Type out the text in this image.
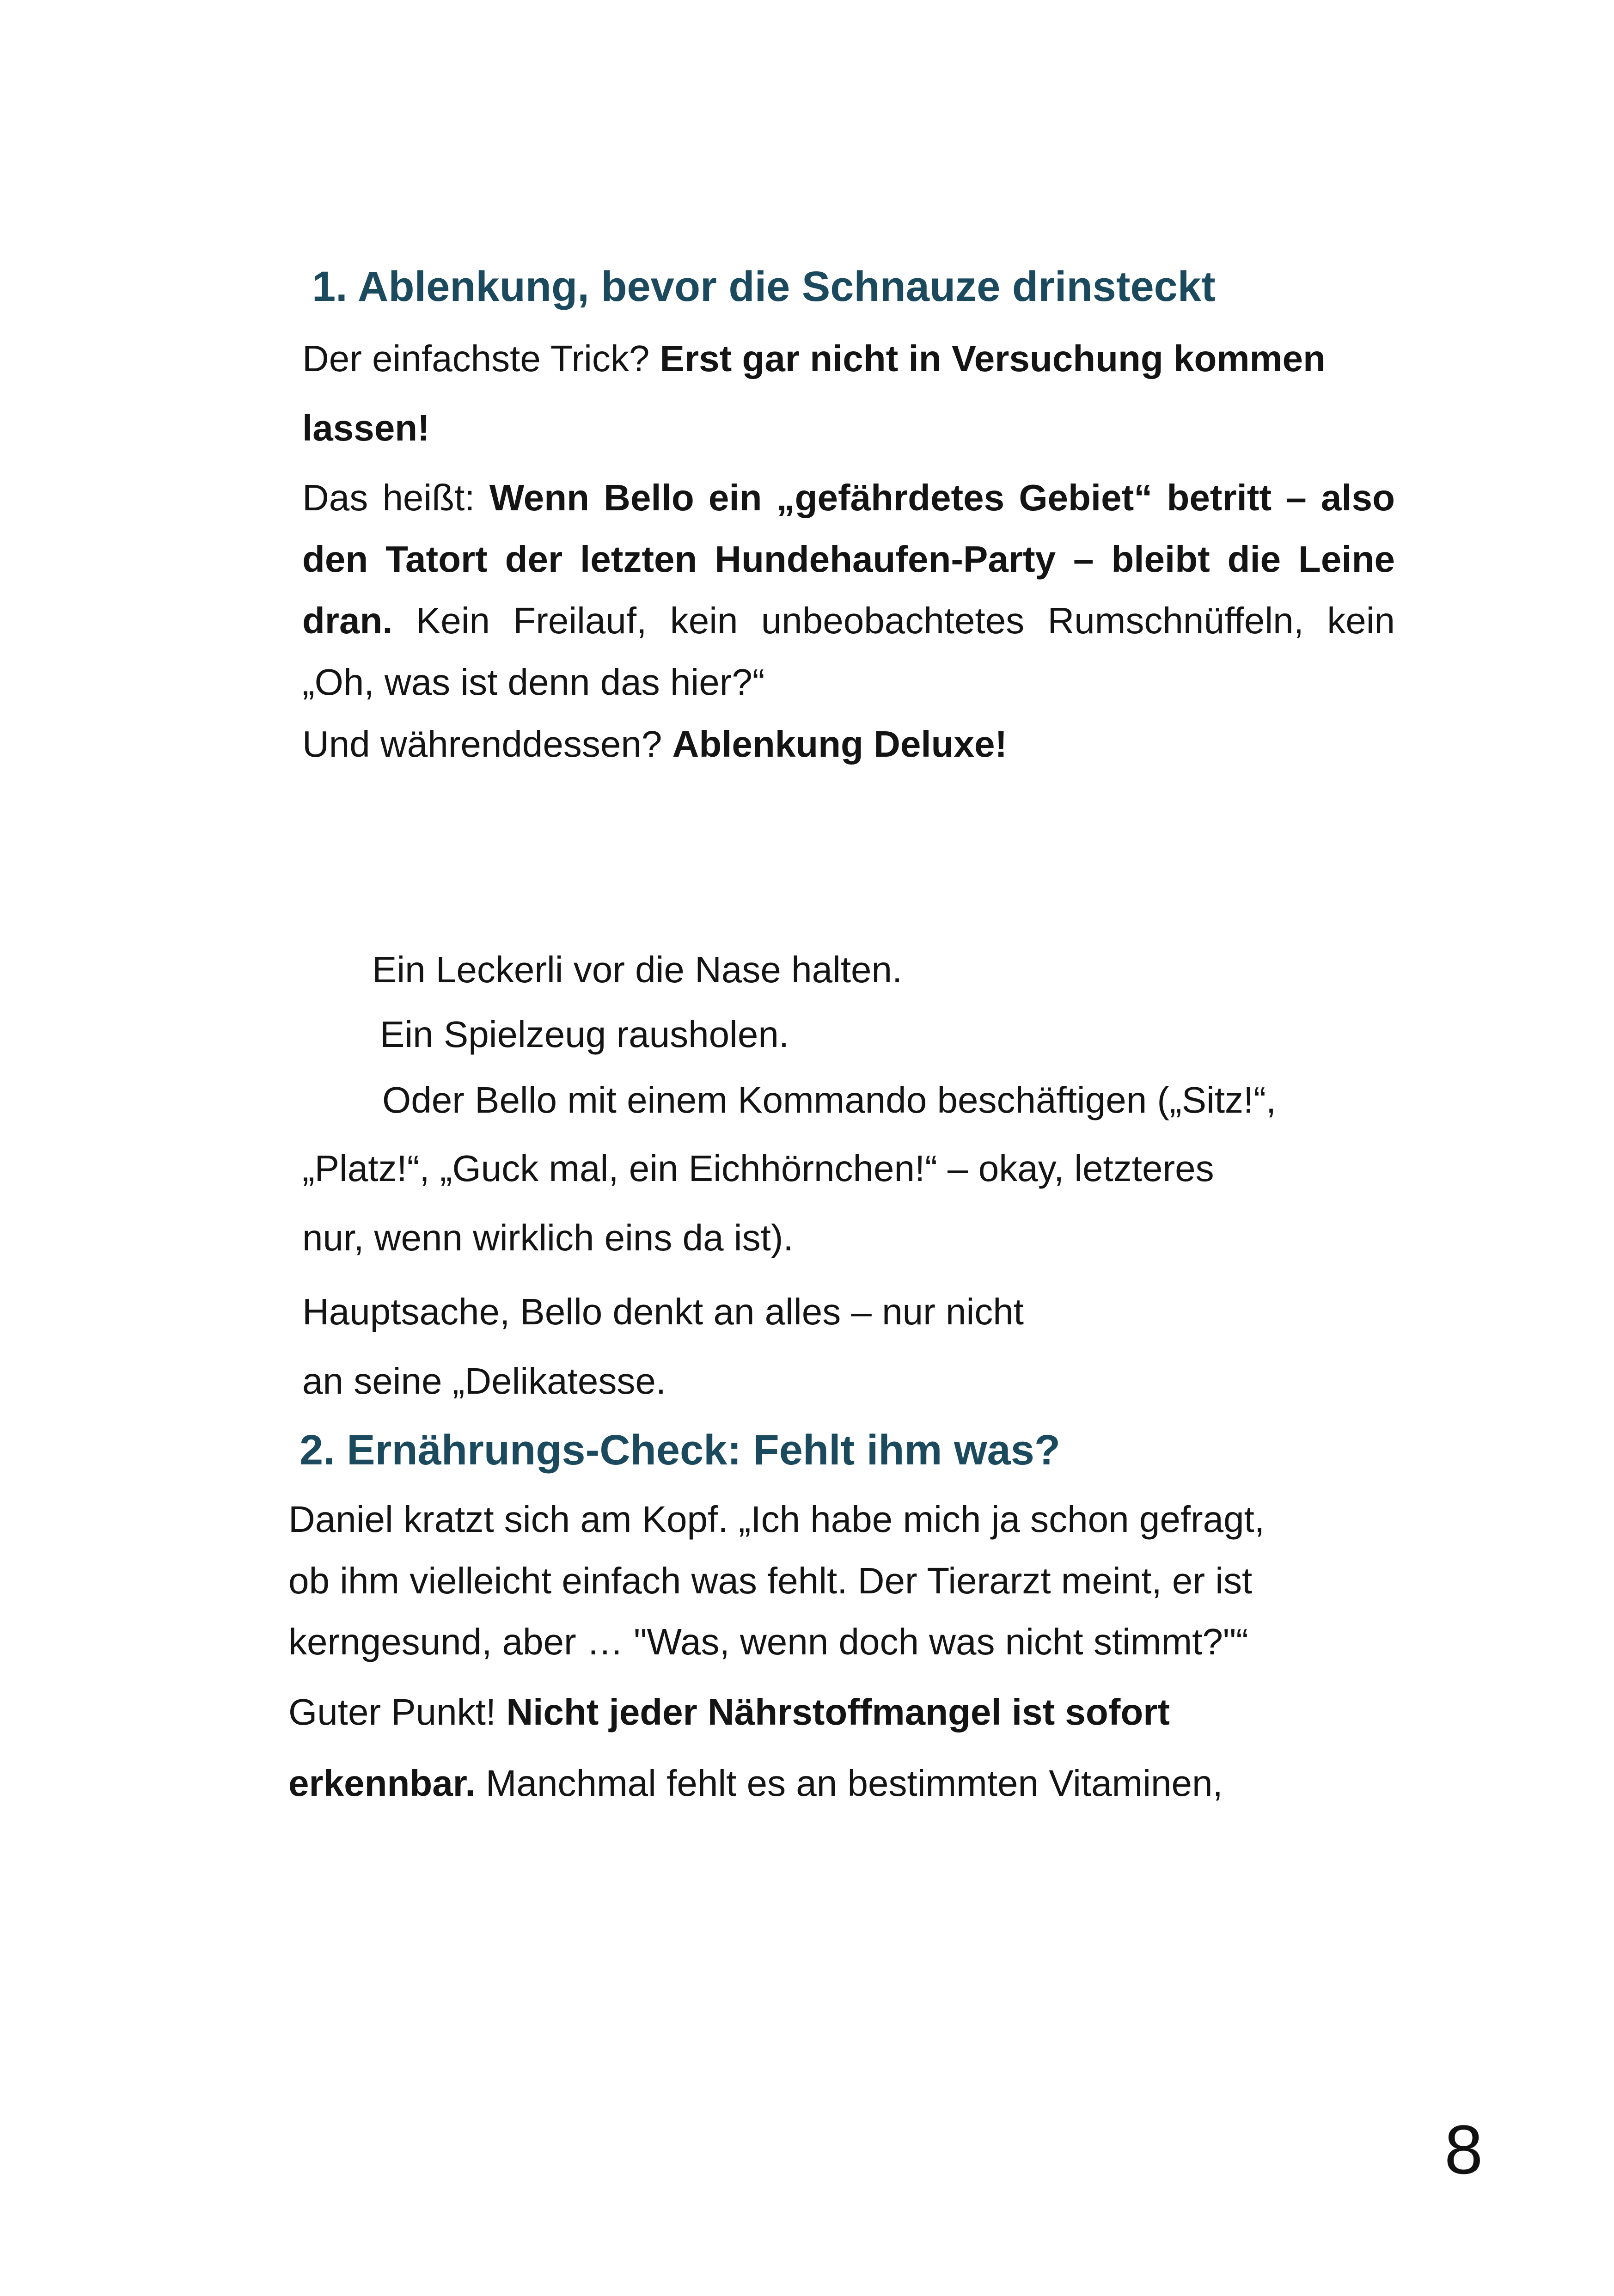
1. Ablenkung, bevor die Schnauze drinsteckt

Der einfachste Trick? Erst gar nicht in Versuchung kommen

lassen!

Das heißt: Wenn Bello ein „gefährdetes Gebiet“ betritt – also den Tatort der letzten Hundehaufen-Party – bleibt die Leine dran. Kein Freilauf, kein unbeobachtetes Rumschnüffeln, kein „Oh, was ist denn das hier?“

Und währenddessen? Ablenkung Deluxe!

Ein Leckerli vor die Nase halten.

Ein Spielzeug rausholen.

Oder Bello mit einem Kommando beschäftigen („Sitz!“,

„Platz!“, „Guck mal, ein Eichhörnchen!“ – okay, letzteres

nur, wenn wirklich eins da ist).

Hauptsache, Bello denkt an alles – nur nicht

an seine „Delikatesse.

2. Ernährungs-Check: Fehlt ihm was?

Daniel kratzt sich am Kopf. „Ich habe mich ja schon gefragt,

ob ihm vielleicht einfach was fehlt. Der Tierarzt meint, er ist

kerngesund, aber … "Was, wenn doch was nicht stimmt?"“

Guter Punkt! Nicht jeder Nährstoffmangel ist sofort

erkennbar. Manchmal fehlt es an bestimmten Vitaminen,

8
